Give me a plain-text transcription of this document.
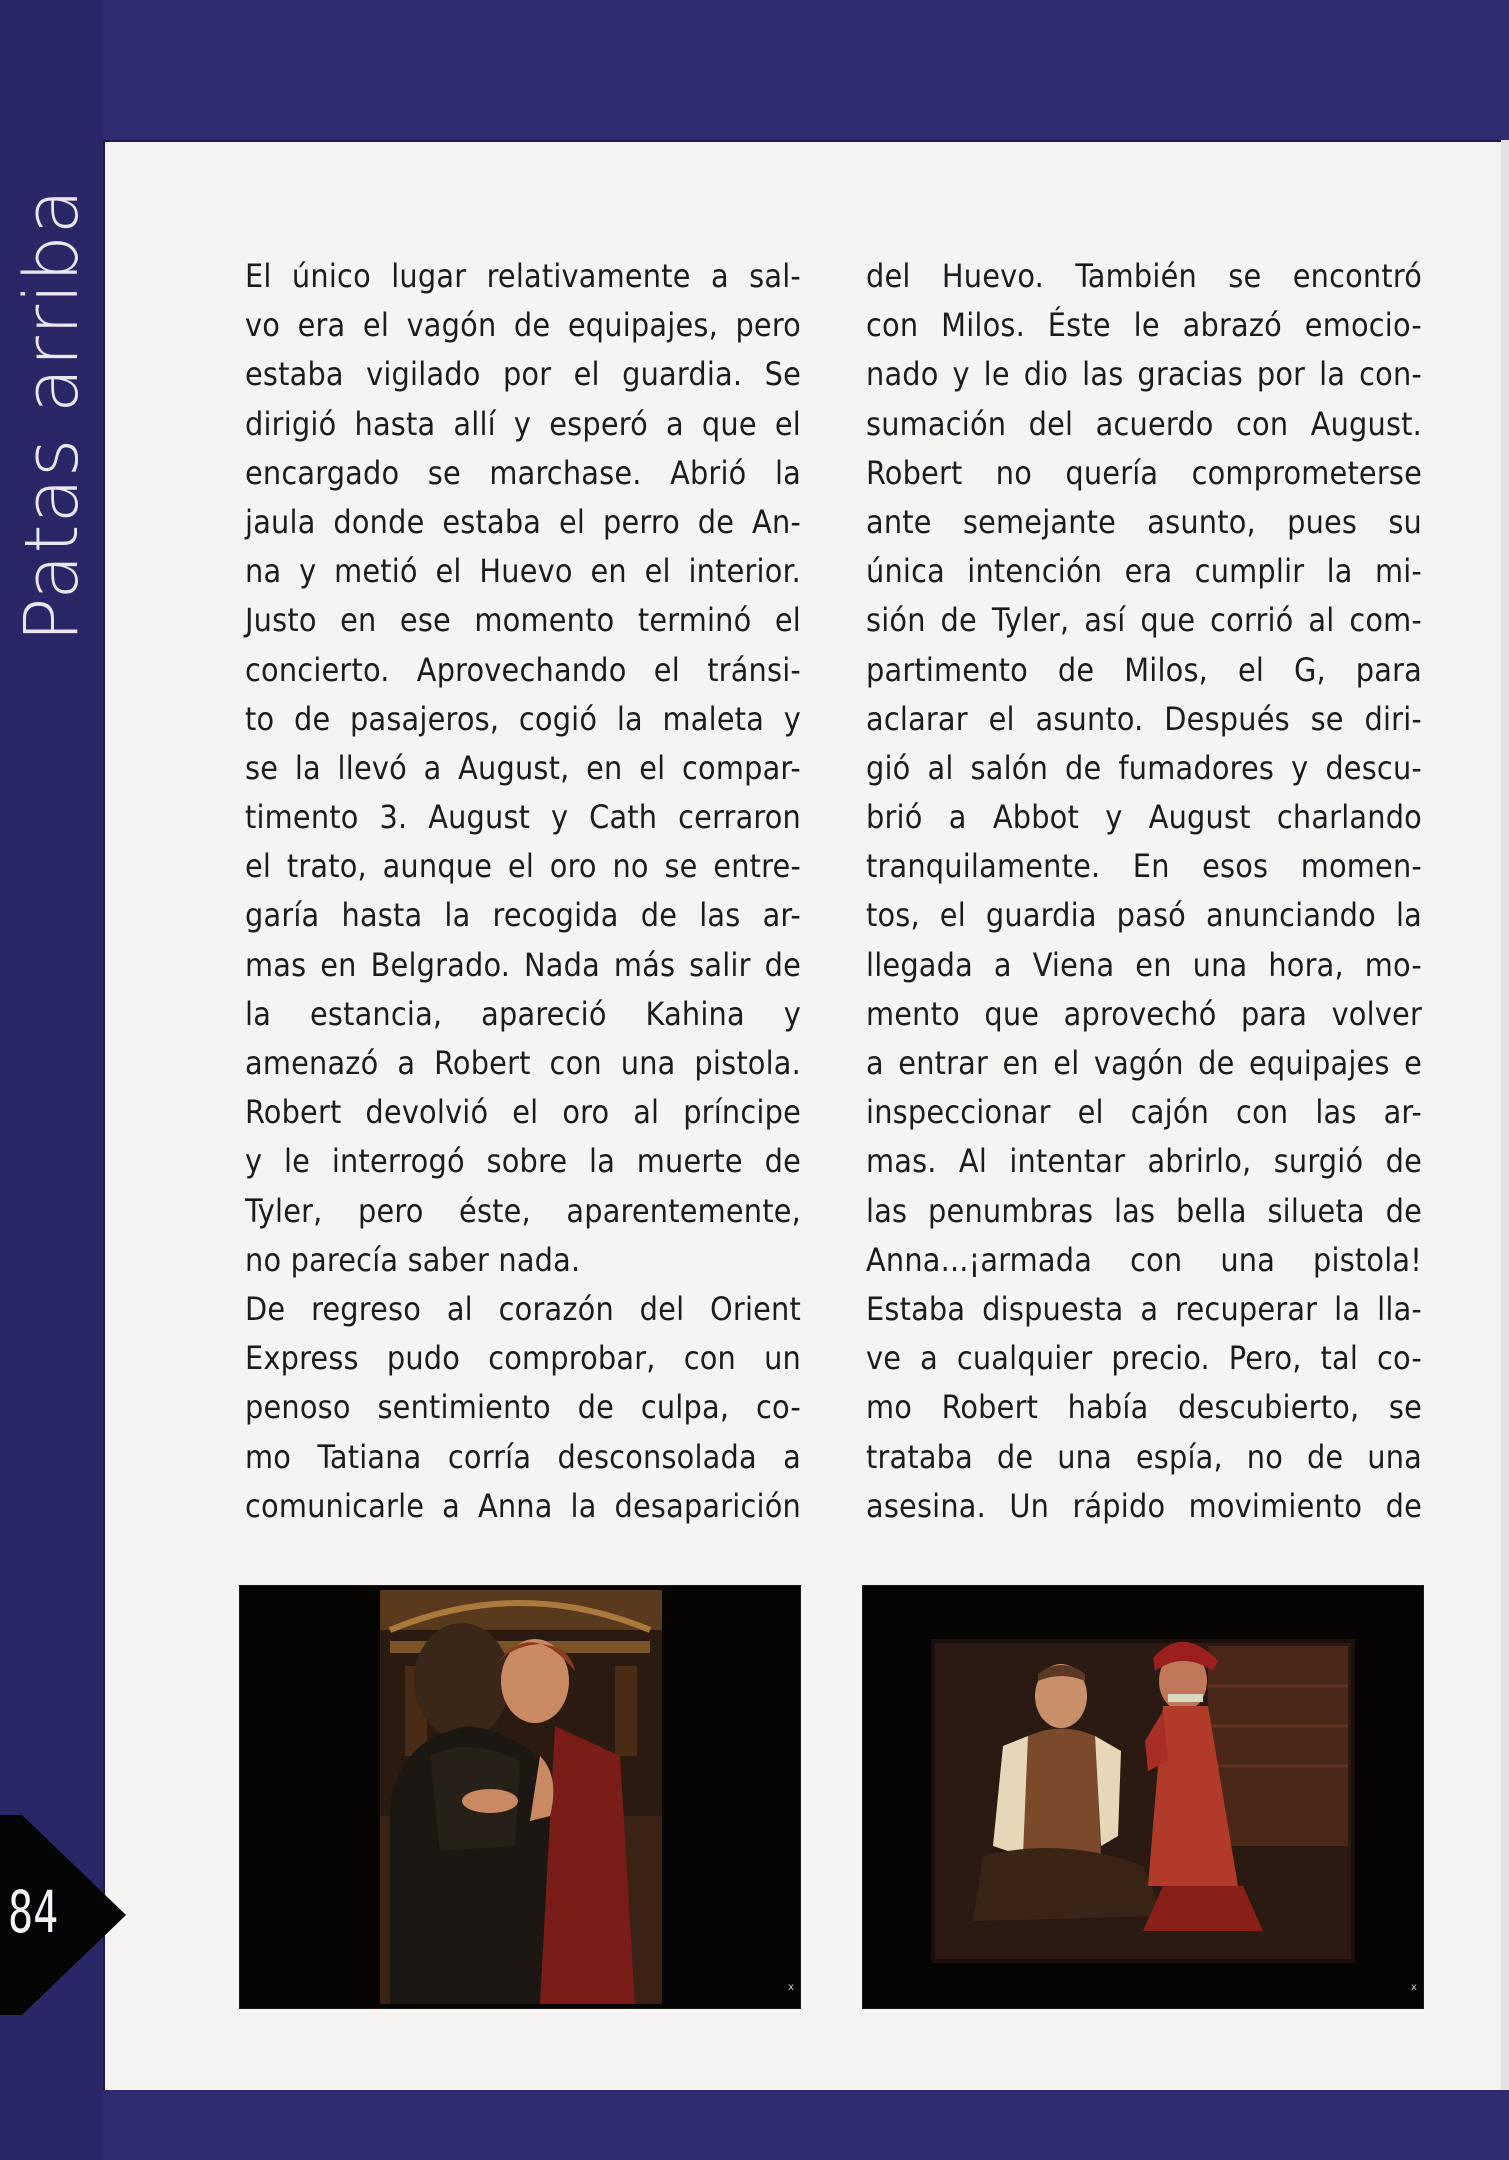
Patas arriba
84
El único lugar relativamente a sal-
vo era el vagón de equipajes, pero
estaba vigilado por el guardia. Se
dirigió hasta allí y esperó a que el
encargado se marchase. Abrió la
jaula donde estaba el perro de An-
na y metió el Huevo en el interior.
Justo en ese momento terminó el
concierto. Aprovechando el tránsi-
to de pasajeros, cogió la maleta y
se la llevó a August, en el compar-
timento 3. August y Cath cerraron
el trato, aunque el oro no se entre-
garía hasta la recogida de las ar-
mas en Belgrado. Nada más salir de
la estancia, apareció Kahina y
amenazó a Robert con una pistola.
Robert devolvió el oro al príncipe
y le interrogó sobre la muerte de
Tyler, pero éste, aparentemente,
no parecía saber nada.
De regreso al corazón del Orient
Express pudo comprobar, con un
penoso sentimiento de culpa, co-
mo Tatiana corría desconsolada a
comunicarle a Anna la desaparición
del Huevo. También se encontró
con Milos. Éste le abrazó emocio-
nado y le dio las gracias por la con-
sumación del acuerdo con August.
Robert no quería comprometerse
ante semejante asunto, pues su
única intención era cumplir la mi-
sión de Tyler, así que corrió al com-
partimento de Milos, el G, para
aclarar el asunto. Después se diri-
gió al salón de fumadores y descu-
brió a Abbot y August charlando
tranquilamente. En esos momen-
tos, el guardia pasó anunciando la
llegada a Viena en una hora, mo-
mento que aprovechó para volver
a entrar en el vagón de equipajes e
inspeccionar el cajón con las ar-
mas. Al intentar abrirlo, surgió de
las penumbras las bella silueta de
Anna...¡armada con una pistola!
Estaba dispuesta a recuperar la lla-
ve a cualquier precio. Pero, tal co-
mo Robert había descubierto, se
trataba de una espía, no de una
asesina. Un rápido movimiento de
x	x
